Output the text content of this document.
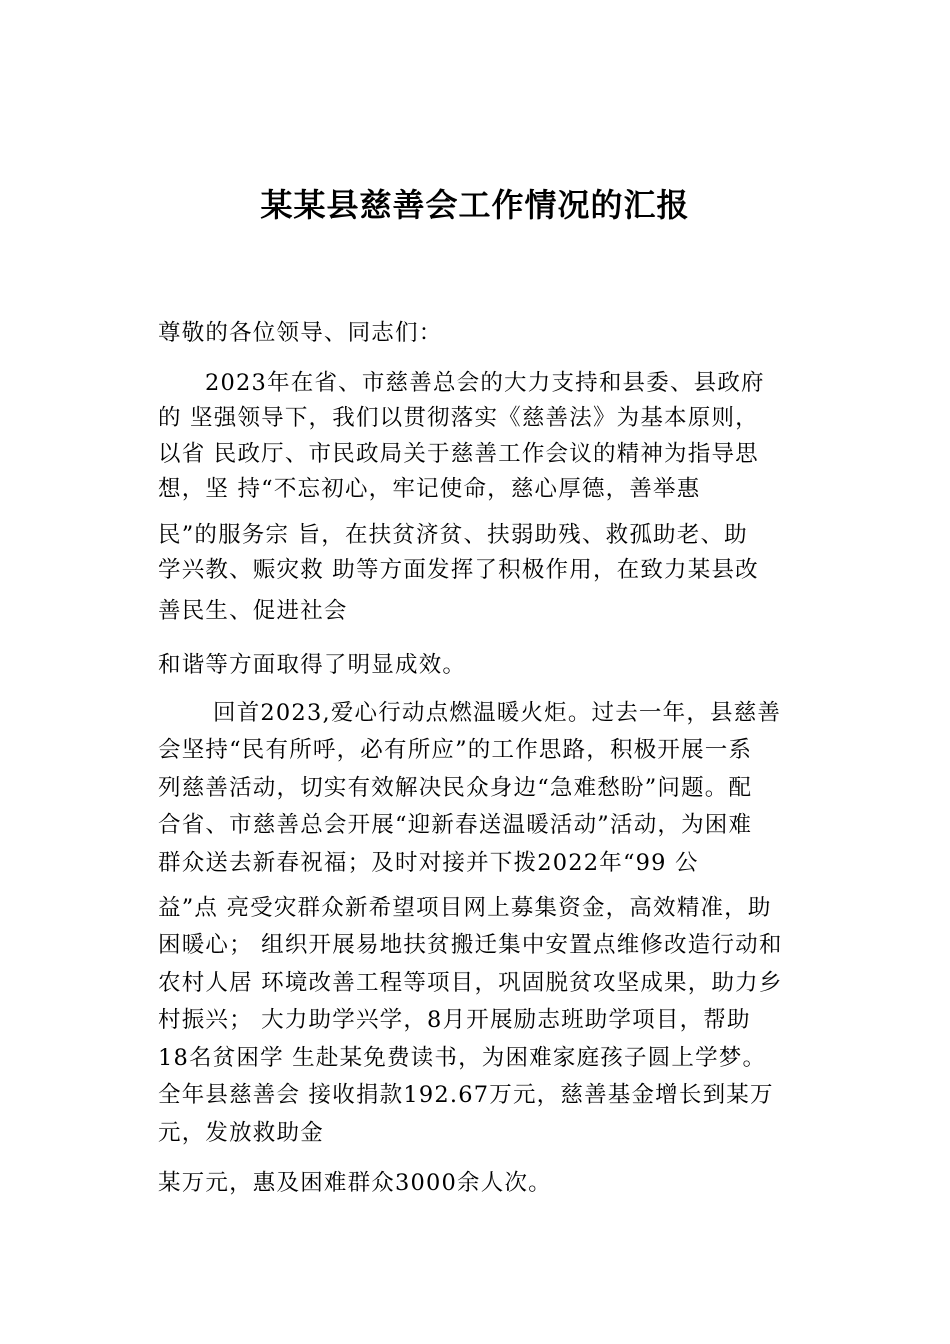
某某县慈善会工作情况的汇报
尊敬的各位领导、同志们：
2023年在省、市慈善总会的大力支持和县委、县政府
的 坚强领导下，我们以贯彻落实《慈善法》为基本原则，
以省 民政厅、市民政局关于慈善工作会议的精神为指导思
想，坚 持“不忘初心，牢记使命，慈心厚德，善举惠
民”的服务宗 旨，在扶贫济贫、扶弱助残、救孤助老、助
学兴教、赈灾救 助等方面发挥了积极作用，在致力某县改
善民生、促进社会
和谐等方面取得了明显成效。
回首2023,爱心行动点燃温暖火炬。过去一年，县慈善
会坚持“民有所呼，必有所应”的工作思路，积极开展一系
列慈善活动，切实有效解决民众身边“急难愁盼”问题。配
合省、市慈善总会开展“迎新春送温暖活动”活动，为困难
群众送去新春祝福；及时对接并下拨2022年“99 公
益”点 亮受灾群众新希望项目网上募集资金，高效精准，助
困暖心； 组织开展易地扶贫搬迁集中安置点维修改造行动和
农村人居 环境改善工程等项目，巩固脱贫攻坚成果，助力乡
村振兴； 大力助学兴学，8月开展励志班助学项目，帮助
18名贫困学 生赴某免费读书，为困难家庭孩子圆上学梦。
全年县慈善会 接收捐款192.67万元，慈善基金增长到某万
元，发放救助金
某万元，惠及困难群众3000余人次。
